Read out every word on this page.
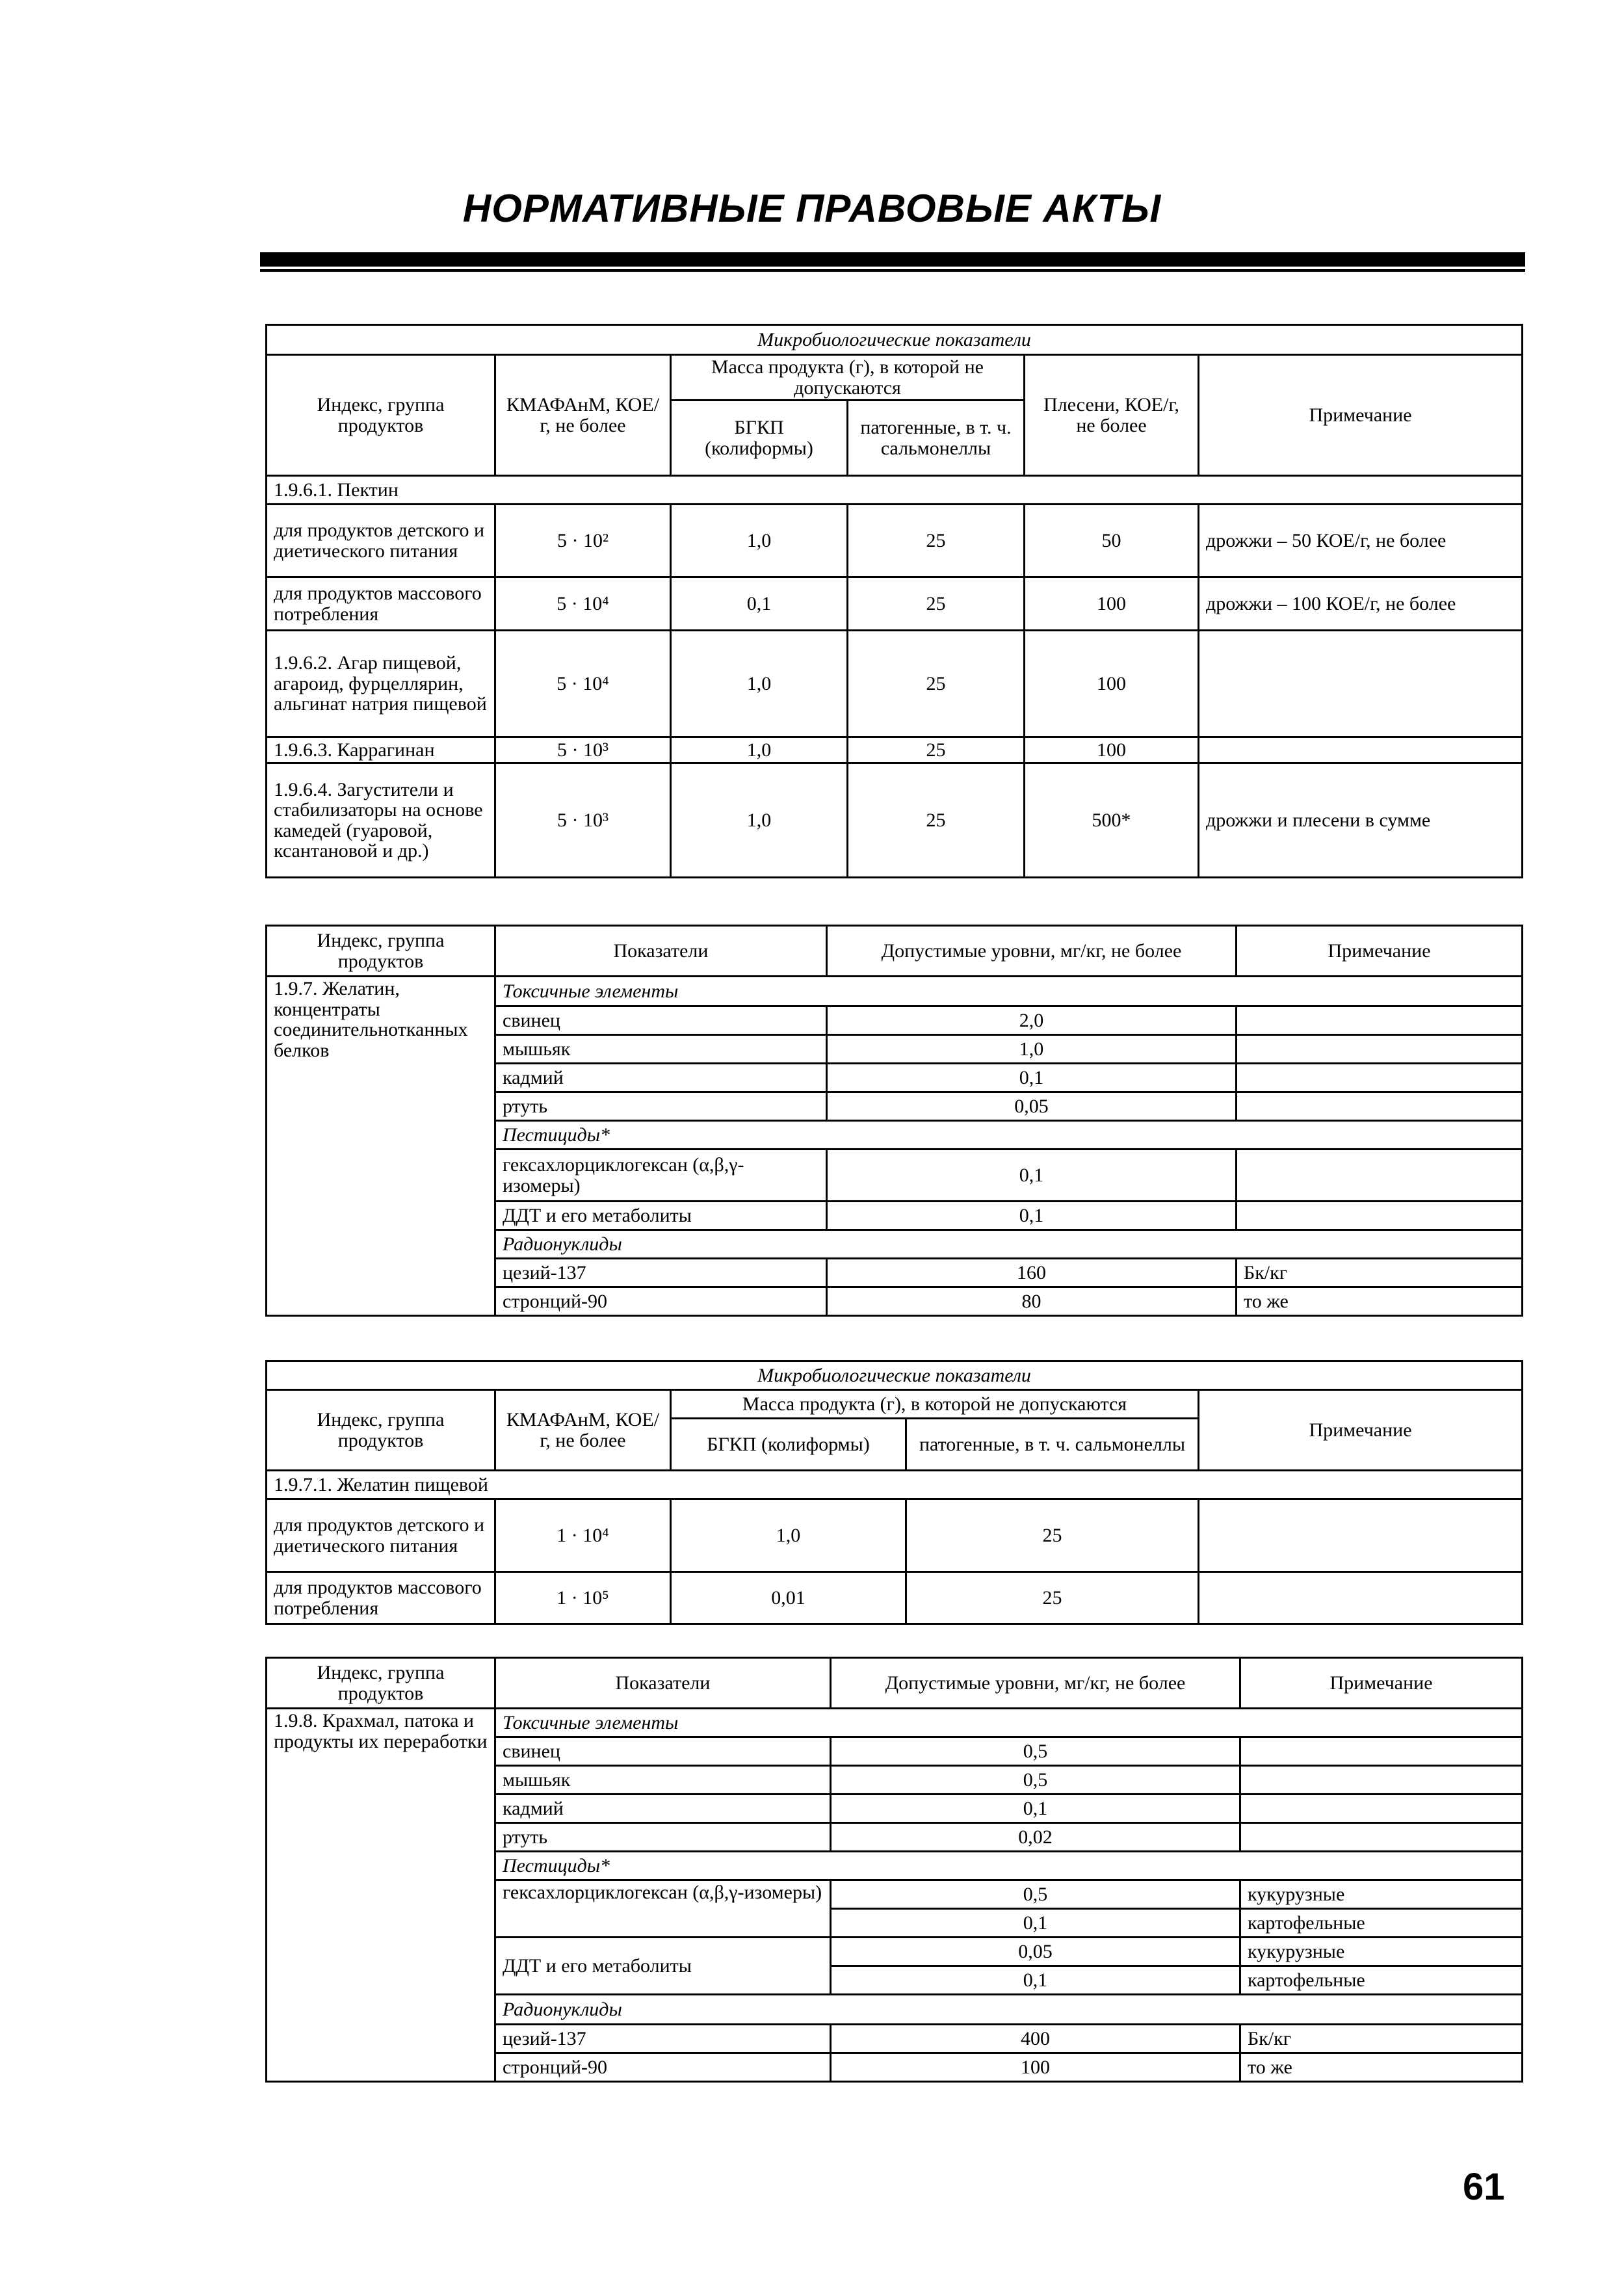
НОРМАТИВНЫЕ ПРАВОВЫЕ АКТЫ
Микробиологические показатели					
Индекс, группа продуктов	КМАФАнМ, КОЕ/г, не более	Масса продукта (г), в которой не допускаются		Плесени, КОЕ/г, не более	Примечание
		БГКП (колиформы)	патогенные, в т. ч. сальмонеллы		
1.9.6.1. Пектин					
для продуктов детского и диетического питания	5 · 10²	1,0	25	50	дрожжи – 50 КОЕ/г, не более
для продуктов массового потребления	5 · 10⁴	0,1	25	100	дрожжи – 100 КОЕ/г, не более
1.9.6.2. Агар пищевой, агароид, фурцеллярин, альгинат натрия пищевой	5 · 10⁴	1,0	25	100	
1.9.6.3. Каррагинан	5 · 10³	1,0	25	100	
1.9.6.4. Загустители и стабилизаторы на основе камедей (гуаровой, ксантановой и др.)	5 · 10³	1,0	25	500*	дрожжи и плесени в сумме
Индекс, группа продуктов	Показатели	Допустимые уровни, мг/кг, не более	Примечание
1.9.7. Желатин, концентраты соединительнотканных белков	Токсичные элементы		
	свинец	2,0	
	мышьяк	1,0	
	кадмий	0,1	
	ртуть	0,05	
	Пестициды*		
	гексахлорциклогексан (α,β,γ-изомеры)	0,1	
	ДДТ и его метаболиты	0,1	
	Радионуклиды		
	цезий-137	160	Бк/кг
	стронций-90	80	то же
Микробиологические показатели				
Индекс, группа продуктов	КМАФАнМ, КОЕ/г, не более	Масса продукта (г), в которой не допускаются		Примечание
		БГКП (колиформы)	патогенные, в т. ч. сальмонеллы	
1.9.7.1. Желатин пищевой				
для продуктов детского и диетического питания	1 · 10⁴	1,0	25	
для продуктов массового потребления	1 · 10⁵	0,01	25	
Индекс, группа продуктов	Показатели	Допустимые уровни, мг/кг, не более	Примечание
1.9.8. Крахмал, патока и продукты их переработки	Токсичные элементы		
	свинец	0,5	
	мышьяк	0,5	
	кадмий	0,1	
	ртуть	0,02	
	Пестициды*		
	гексахлорциклогексан (α,β,γ-изомеры)	0,5	кукурузные
		0,1	картофельные
	ДДТ и его метаболиты	0,05	кукурузные
		0,1	картофельные
	Радионуклиды		
	цезий-137	400	Бк/кг
	стронций-90	100	то же
61
